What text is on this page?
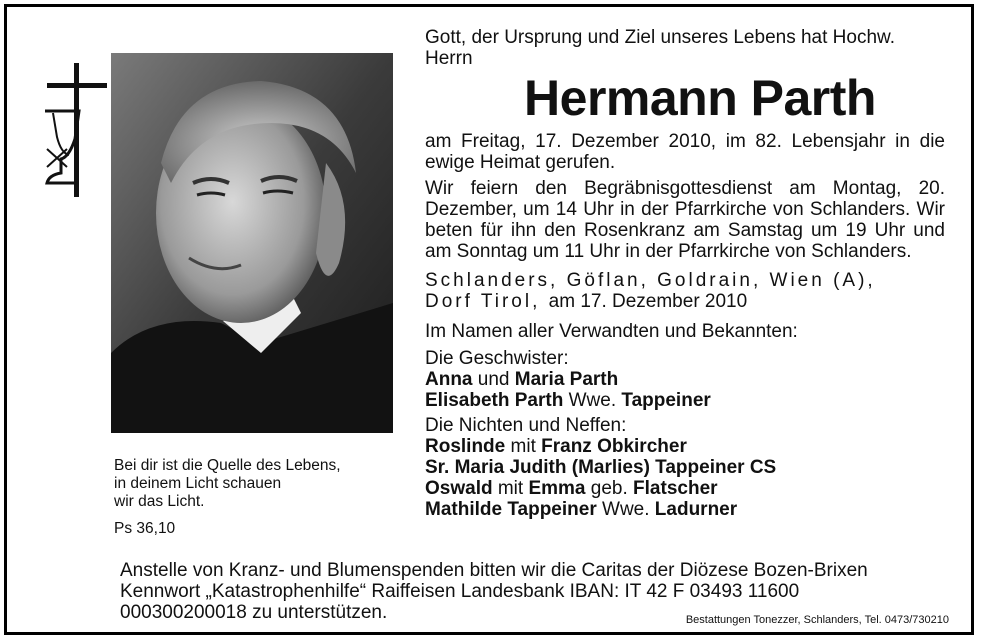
Bei dir ist die Quelle des Lebens,
in deinem Licht schauen
wir das Licht.
Ps 36,10
Gott, der Ursprung und Ziel unseres Lebens hat Hochw. Herrn
Hermann Parth
am Freitag, 17. Dezember 2010, im 82. Lebensjahr in die ewige Heimat gerufen.
Wir feiern den Begräbnisgottesdienst am Montag, 20. Dezember, um 14 Uhr in der Pfarrkirche von Schlanders. Wir beten für ihn den Rosenkranz am Samstag um 19 Uhr und am Sonntag um 11 Uhr in der Pfarrkirche von Schlanders.
Schlanders, Göflan, Goldrain, Wien (A),
Dorf Tirol, am 17. Dezember 2010
Im Namen aller Verwandten und Bekannten:
Die Geschwister:
Anna und Maria Parth
Elisabeth Parth Wwe. Tappeiner
Die Nichten und Neffen:
Roslinde mit Franz Obkircher
Sr. Maria Judith (Marlies) Tappeiner CS
Oswald mit Emma geb. Flatscher
Mathilde Tappeiner Wwe. Ladurner
Anstelle von Kranz- und Blumenspenden bitten wir die Caritas der Diözese Bozen-Brixen
Kennwort „Katastrophenhilfe“ Raiffeisen Landesbank IBAN: IT 42 F 03493 11600
000300200018 zu unterstützen.	Bestattungen Tonezzer, Schlanders, Tel. 0473/730210
